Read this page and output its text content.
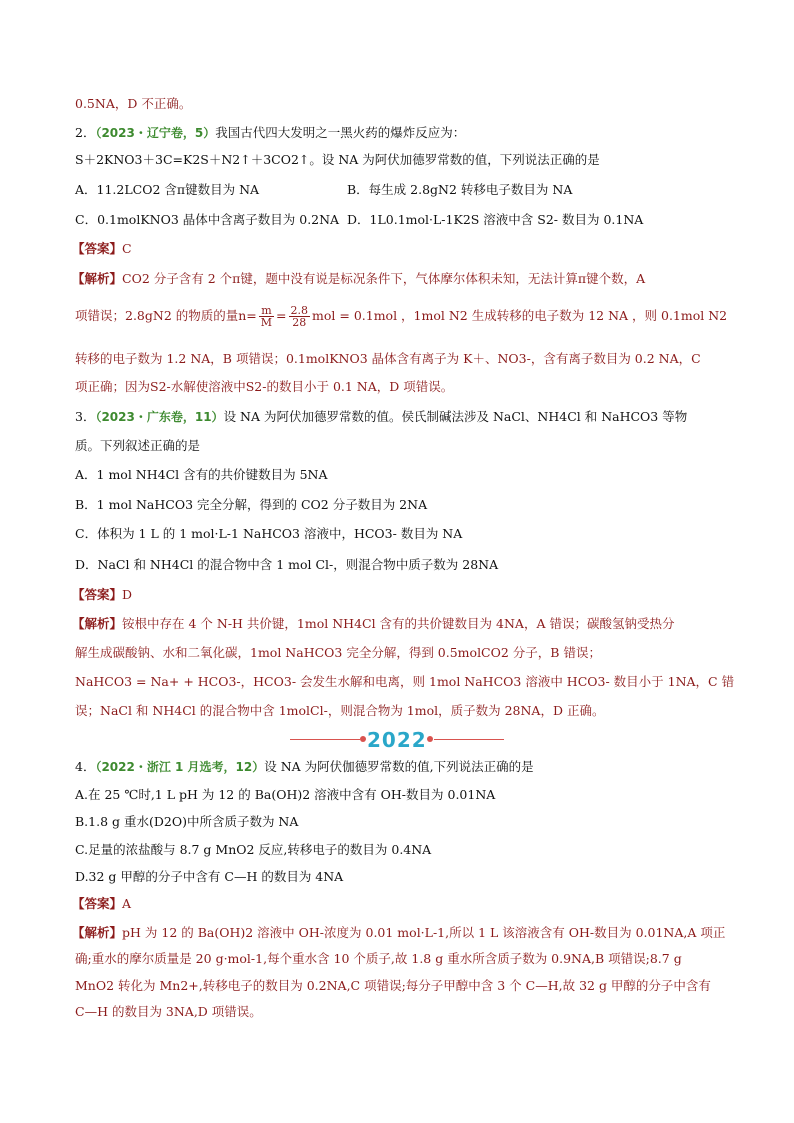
0.5NA，D 不正确。
2．（2023・辽宁卷，5）我国古代四大发明之一黑火药的爆炸反应为：
S＋2KNO3＋3C=K2S＋N2↑＋3CO2↑。设 NA 为阿伏加德罗常数的值，下列说法正确的是
A．11.2LCO2 含π键数目为 NA	B．每生成 2.8gN2 转移电子数目为 NA
C．0.1molKNO3 晶体中含离子数目为 0.2NA D．1L0.1mol·L-1K2S 溶液中含 S2- 数目为 0.1NA
【答案】C
【解析】CO2 分子含有 2 个π键，题中没有说是标况条件下，气体摩尔体积未知，无法计算π键个数，A
项错误；2.8gN2 的物质的量$n= \frac{m}{M} = \frac{2.8}{28}$ mol = 0.1mol ，1mol N2 生成转移的电子数为 12 NA ，则 0.1mol N2
转移的电子数为 1.2 NA，B 项错误；0.1molKNO3 晶体含有离子为 K＋、NO3-，含有离子数目为 0.2 NA，C
项正确；因为S2-水解使溶液中S2-的数目小于 0.1 NA，D 项错误。
3．（2023・广东卷，11）设 NA 为阿伏加德罗常数的值。侯氏制碱法涉及 NaCl、NH4Cl 和 NaHCO3 等物
质。下列叙述正确的是
A．1 mol NH4Cl 含有的共价键数目为 5NA
B．1 mol NaHCO3 完全分解，得到的 CO2 分子数目为 2NA
C．体积为 1 L 的 1 mol·L-1 NaHCO3 溶液中，HCO3- 数目为 NA
D．NaCl 和 NH4Cl 的混合物中含 1 mol Cl-，则混合物中质子数为 28NA
【答案】D
【解析】铵根中存在 4 个 N-H 共价键，1mol NH4Cl 含有的共价键数目为 4NA，A 错误；碳酸氢钠受热分
解生成碳酸钠、水和二氧化碳，1mol NaHCO3 完全分解，得到 0.5molCO2 分子，B 错误；
NaHCO3 = Na+ + HCO3-，HCO3- 会发生水解和电离，则 1mol NaHCO3 溶液中 HCO3- 数目小于 1NA，C 错
误；NaCl 和 NH4Cl 的混合物中含 1molCl-，则混合物为 1mol，质子数为 28NA，D 正确。
2022
4．（2022・浙江 1 月选考，12）设 NA 为阿伏伽德罗常数的值,下列说法正确的是
A.在 25 ℃时,1 L pH 为 12 的 Ba(OH)2 溶液中含有 OH-数目为 0.01NA
B.1.8 g 重水(D2O)中所含质子数为 NA
C.足量的浓盐酸与 8.7 g MnO2 反应,转移电子的数目为 0.4NA
D.32 g 甲醇的分子中含有 C—H 的数目为 4NA
【答案】A
【解析】pH 为 12 的 Ba(OH)2 溶液中 OH-浓度为 0.01 mol·L-1,所以 1 L 该溶液含有 OH-数目为 0.01NA,A 项正
确;重水的摩尔质量是 20 g·mol-1,每个重水含 10 个质子,故 1.8 g 重水所含质子数为 0.9NA,B 项错误;8.7 g
MnO2 转化为 Mn2+,转移电子的数目为 0.2NA,C 项错误;每分子甲醇中含 3 个 C—H,故 32 g 甲醇的分子中含有
C—H 的数目为 3NA,D 项错误。
